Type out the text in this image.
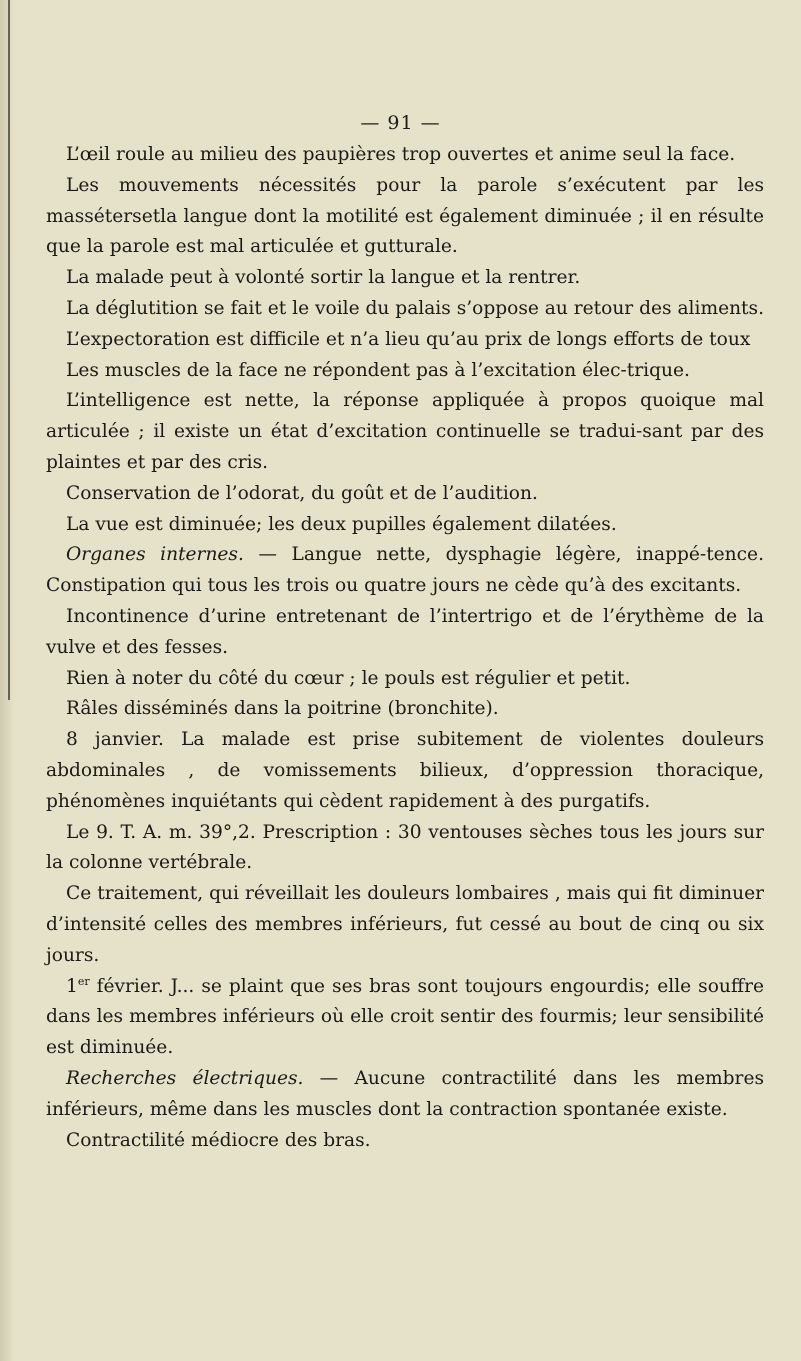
— 91 —

L’œil roule au milieu des paupières trop ouvertes et anime seul la face.

Les mouvements nécessités pour la parole s’exécutent par les massétersetla langue dont la motilité est également diminuée ; il en résulte que la parole est mal articulée et gutturale.

La malade peut à volonté sortir la langue et la rentrer.

La déglutition se fait et le voile du palais s’oppose au retour des aliments.

L’expectoration est difficile et n’a lieu qu’au prix de longs efforts de toux

Les muscles de la face ne répondent pas à l’excitation élec-trique.

L’intelligence est nette, la réponse appliquée à propos quoique mal articulée ; il existe un état d’excitation continuelle se tradui-sant par des plaintes et par des cris.

Conservation de l’odorat, du goût et de l’audition.

La vue est diminuée; les deux pupilles également dilatées.

Organes internes. — Langue nette, dysphagie légère, inappé-tence. Constipation qui tous les trois ou quatre jours ne cède qu’à des excitants.

Incontinence d’urine entretenant de l’intertrigo et de l’érythème de la vulve et des fesses.

Rien à noter du côté du cœur ; le pouls est régulier et petit.

Râles disséminés dans la poitrine (bronchite).

8 janvier. La malade est prise subitement de violentes douleurs abdominales , de vomissements bilieux, d’oppression thoracique, phénomènes inquiétants qui cèdent rapidement à des purgatifs.

Le 9. T. A. m. 39°,2. Prescription : 30 ventouses sèches tous les jours sur la colonne vertébrale.

Ce traitement, qui réveillait les douleurs lombaires , mais qui fit diminuer d’intensité celles des membres inférieurs, fut cessé au bout de cinq ou six jours.

1er février. J... se plaint que ses bras sont toujours engourdis; elle souffre dans les membres inférieurs où elle croit sentir des fourmis; leur sensibilité est diminuée.

Recherches électriques. — Aucune contractilité dans les membres inférieurs, même dans les muscles dont la contraction spontanée existe.

Contractilité médiocre des bras.
